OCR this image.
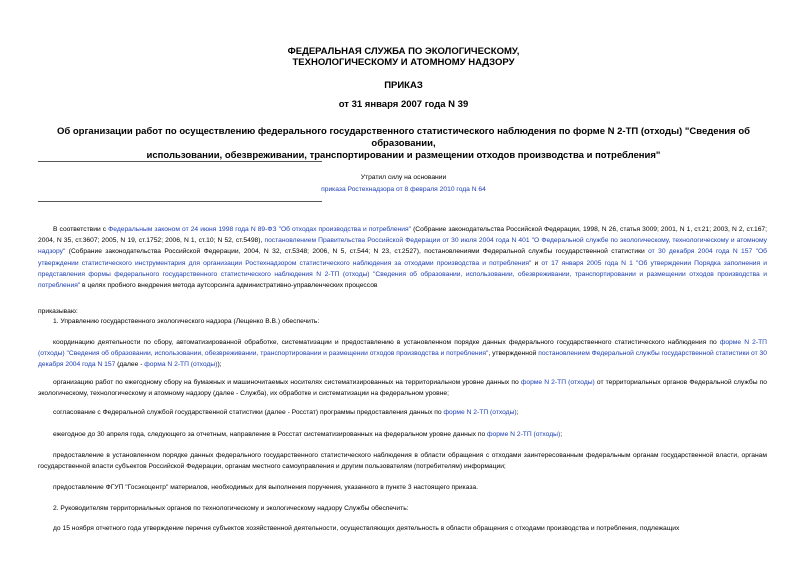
ФЕДЕРАЛЬНАЯ СЛУЖБА ПО ЭКОЛОГИЧЕСКОМУ,
ТЕХНОЛОГИЧЕСКОМУ И АТОМНОМУ НАДЗОРУ
ПРИКАЗ
от 31 января 2007 года N 39
Об организации работ по осуществлению федерального государственного статистического наблюдения по форме N 2-ТП (отходы) "Сведения об образовании,
использовании, обезвреживании, транспортировании и размещении отходов производства и потребления"
Утратил силу на основании
приказа Ростехнадзора от 8 февраля 2010 года N 64

В соответствии с Федеральным законом от 24 июня 1998 года N 89-ФЗ "Об отходах производства и потребления" (Собрание законодательства Российской Федерации, 1998, N 26, статья 3009; 2001, N 1, ст.21; 2003, N 2, ст.167; 2004, N 35, ст.3607; 2005, N 19, ст.1752; 2006, N 1, ст.10; N 52, ст.5498), постановлением Правительства Российской Федерации от 30 июля 2004 года N 401 "О Федеральной службе по экологическому, технологическому и атомному надзору" (Собрание законодательства Российской Федерации, 2004, N 32, ст.5348; 2006, N 5, ст.544; N 23, ст.2527), постановлениями Федеральной службы государственной статистики от 30 декабря 2004 года N 157 "Об утверждении статистического инструментария для организации Ростехнадзором статистического наблюдения за отходами производства и потребления" и от 17 января 2005 года N 1 "Об утверждении Порядка заполнения и представления формы федерального государственного статистического наблюдения N 2-ТП (отходы) "Сведения об образовании, использовании, обезвреживании, транспортировании и размещении отходов производства и потребления" в целях пробного внедрения метода аутсорсинга административно-управленческих процессов

приказываю:

1. Управлению государственного экологического надзора (Лещенко В.В.) обеспечить:

координацию деятельности по сбору, автоматизированной обработке, систематизации и предоставлению в установленном порядке данных федерального государственного статистического наблюдения по форме N 2-ТП (отходы) "Сведения об образовании, использовании, обезвреживании, транспортировании и размещении отходов производства и потребления", утвержденной постановлением Федеральной службы государственной статистики от 30 декабря 2004 года N 157 (далее - форма N 2-ТП (отходы));

организацию работ по ежегодному сбору на бумажных и машиночитаемых носителях систематизированных на территориальном уровне данных по форме N 2-ТП (отходы) от территориальных органов Федеральной службы по экологическому, технологическому и атомному надзору (далее - Служба), их обработке и систематизации на федеральном уровне;

согласование с Федеральной службой государственной статистики (далее - Росстат) программы предоставления данных по форме N 2-ТП (отходы);

ежегодное до 30 апреля года, следующего за отчетным, направление в Росстат систематизированных на федеральном уровне данных по форме N 2-ТП (отходы);

предоставление в установленном порядке данных федерального государственного статистического наблюдения в области обращения с отходами заинтересованным федеральным органам государственной власти, органам государственной власти субъектов Российской Федерации, органам местного самоуправления и другим пользователям (потребителям) информации;

предоставление ФГУП "Госэкоцентр" материалов, необходимых для выполнения поручения, указанного в пункте 3 настоящего приказа.

2. Руководителям территориальных органов по технологическому и экологическому надзору Службы обеспечить:

до 15 ноября отчетного года утверждение перечня субъектов хозяйственной деятельности, осуществляющих деятельность в области обращения с отходами производства и потребления, подлежащих
